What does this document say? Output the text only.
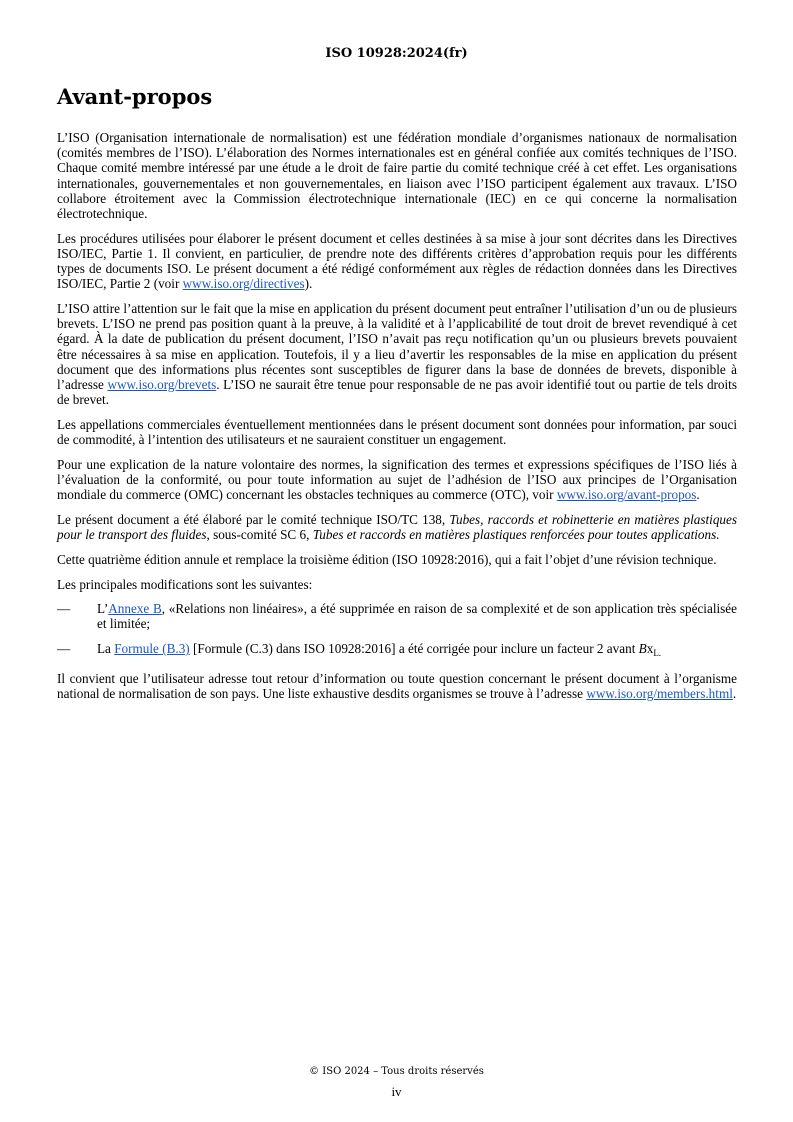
ISO 10928:2024(fr)
Avant-propos

L’ISO (Organisation internationale de normalisation) est une fédération mondiale d’organismes nationaux de normalisation (comités membres de l’ISO). L’élaboration des Normes internationales est en général confiée aux comités techniques de l’ISO. Chaque comité membre intéressé par une étude a le droit de faire partie du comité technique créé à cet effet. Les organisations internationales, gouvernementales et non gouvernementales, en liaison avec l’ISO participent également aux travaux. L’ISO collabore étroitement avec la Commission électrotechnique internationale (IEC) en ce qui concerne la normalisation électrotechnique.

Les procédures utilisées pour élaborer le présent document et celles destinées à sa mise à jour sont décrites dans les Directives ISO/IEC, Partie 1. Il convient, en particulier, de prendre note des différents critères d’approbation requis pour les différents types de documents ISO. Le présent document a été rédigé conformément aux règles de rédaction données dans les Directives ISO/IEC, Partie 2 (voir www.iso.org/directives).

L’ISO attire l’attention sur le fait que la mise en application du présent document peut entraîner l’utilisation d’un ou de plusieurs brevets. L’ISO ne prend pas position quant à la preuve, à la validité et à l’applicabilité de tout droit de brevet revendiqué à cet égard. À la date de publication du présent document, l’ISO n’avait pas reçu notification qu’un ou plusieurs brevets pouvaient être nécessaires à sa mise en application. Toutefois, il y a lieu d’avertir les responsables de la mise en application du présent document que des informations plus récentes sont susceptibles de figurer dans la base de données de brevets, disponible à l’adresse www.iso.org/brevets. L’ISO ne saurait être tenue pour responsable de ne pas avoir identifié tout ou partie de tels droits de brevet.

Les appellations commerciales éventuellement mentionnées dans le présent document sont données pour information, par souci de commodité, à l’intention des utilisateurs et ne sauraient constituer un engagement.

Pour une explication de la nature volontaire des normes, la signification des termes et expressions spécifiques de l’ISO liés à l’évaluation de la conformité, ou pour toute information au sujet de l’adhésion de l’ISO aux principes de l’Organisation mondiale du commerce (OMC) concernant les obstacles techniques au commerce (OTC), voir www.iso.org/avant-propos.

Le présent document a été élaboré par le comité technique ISO/TC 138, Tubes, raccords et robinetterie en matières plastiques pour le transport des fluides, sous-comité SC 6, Tubes et raccords en matières plastiques renforcées pour toutes applications.

Cette quatrième édition annule et remplace la troisième édition (ISO 10928:2016), qui a fait l’objet d’une révision technique.

Les principales modifications sont les suivantes:

—	L’Annexe B, «Relations non linéaires», a été supprimée en raison de sa complexité et de son application très spécialisée et limitée;
—	La Formule (B.3) [Formule (C.3) dans ISO 10928:2016] a été corrigée pour inclure un facteur 2 avant $Bx_{L.}$

Il convient que l’utilisateur adresse tout retour d’information ou toute question concernant le présent document à l’organisme national de normalisation de son pays. Une liste exhaustive desdits organismes se trouve à l’adresse www.iso.org/members.html.

© ISO 2024 – Tous droits réservés
iv
